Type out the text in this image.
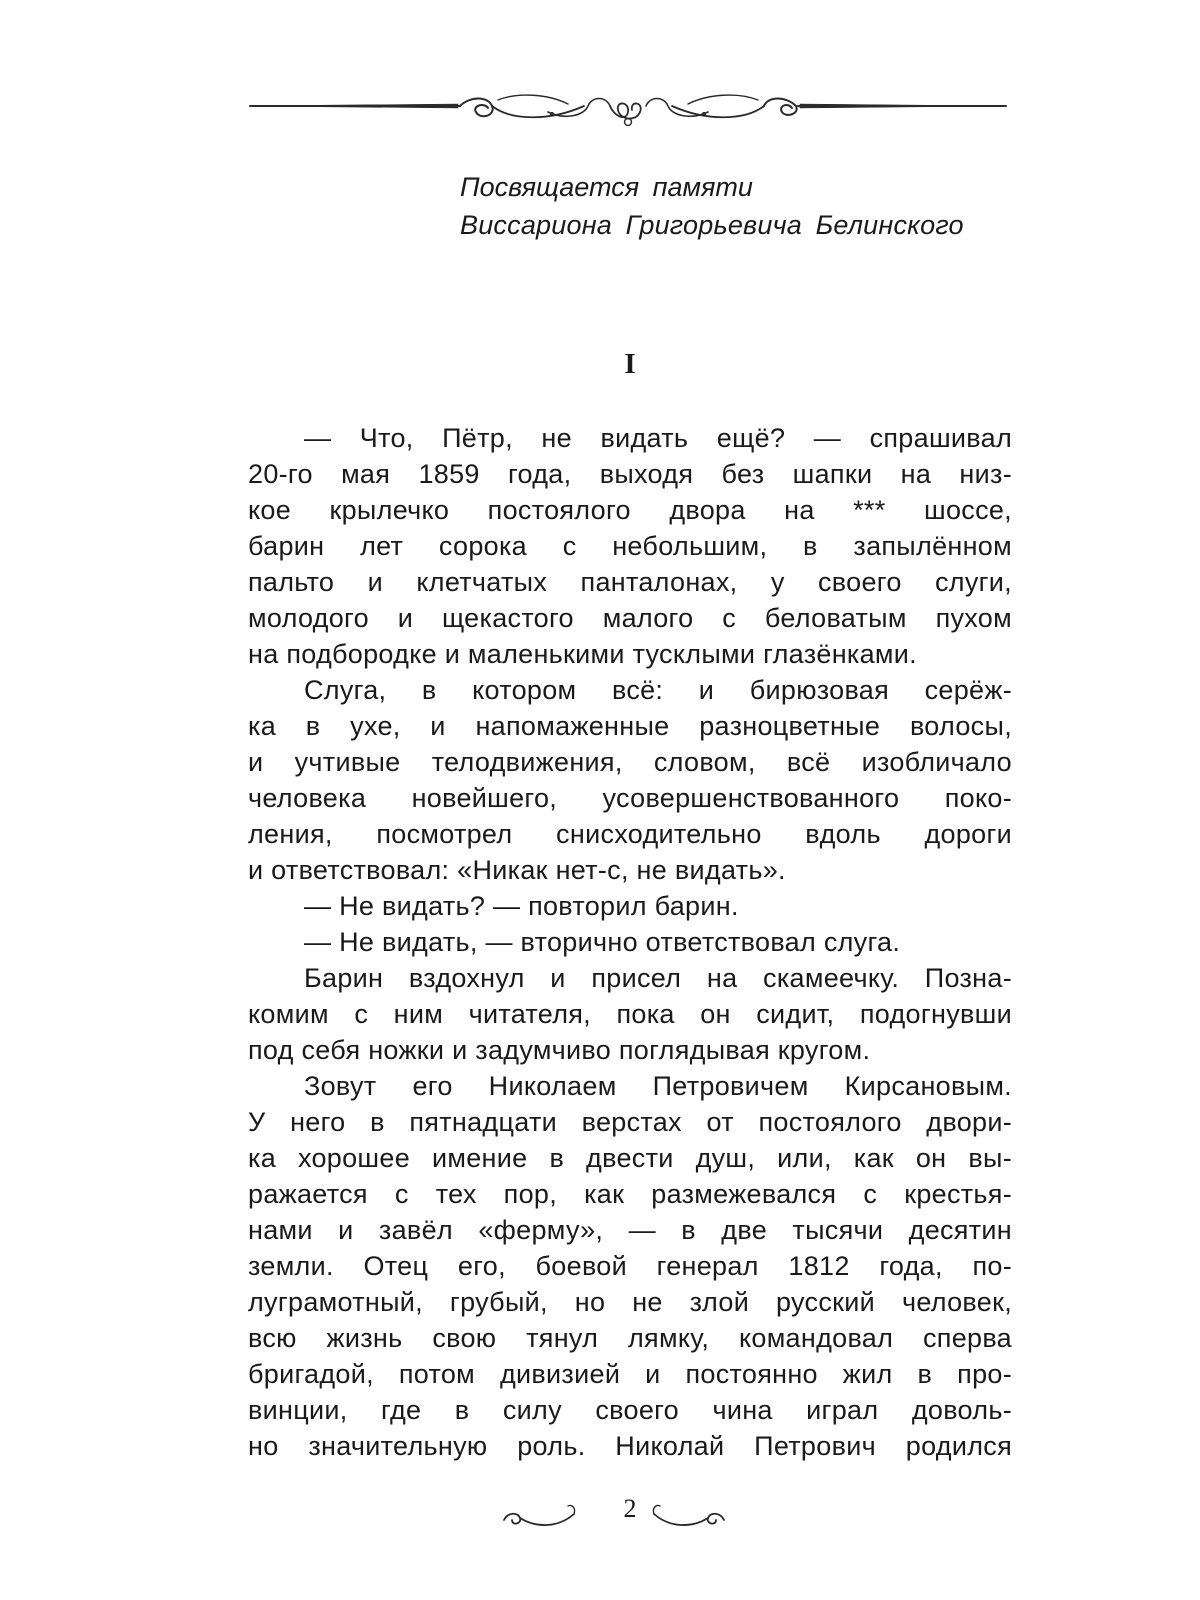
Посвящается памяти
Виссариона Григорьевича Белинского
I
— Что, Пётр, не видать ещё? — спрашивал
20-го мая 1859 года, выходя без шапки на низ-
кое крылечко постоялого двора на *** шоссе,
барин лет сорока с небольшим, в запылённом
пальто и клетчатых панталонах, у своего слуги,
молодого и щекастого малого с беловатым пухом
на подбородке и маленькими тусклыми глазёнками.
Слуга, в котором всё: и бирюзовая серёж-
ка в ухе, и напомаженные разноцветные волосы,
и учтивые телодвижения, словом, всё изобличало
человека новейшего, усовершенствованного поко-
ления, посмотрел снисходительно вдоль дороги
и ответствовал: «Никак нет-с, не видать».
— Не видать? — повторил барин.
— Не видать, — вторично ответствовал слуга.
Барин вздохнул и присел на скамеечку. Позна-
комим с ним читателя, пока он сидит, подогнувши
под себя ножки и задумчиво поглядывая кругом.
Зовут его Николаем Петровичем Кирсановым.
У него в пятнадцати верстах от постоялого двори-
ка хорошее имение в двести душ, или, как он вы-
ражается с тех пор, как размежевался с крестья-
нами и завёл «ферму», — в две тысячи десятин
земли. Отец его, боевой генерал 1812 года, по-
луграмотный, грубый, но не злой русский человек,
всю жизнь свою тянул лямку, командовал сперва
бригадой, потом дивизией и постоянно жил в про-
винции, где в силу своего чина играл доволь-
но значительную роль. Николай Петрович родился
2
